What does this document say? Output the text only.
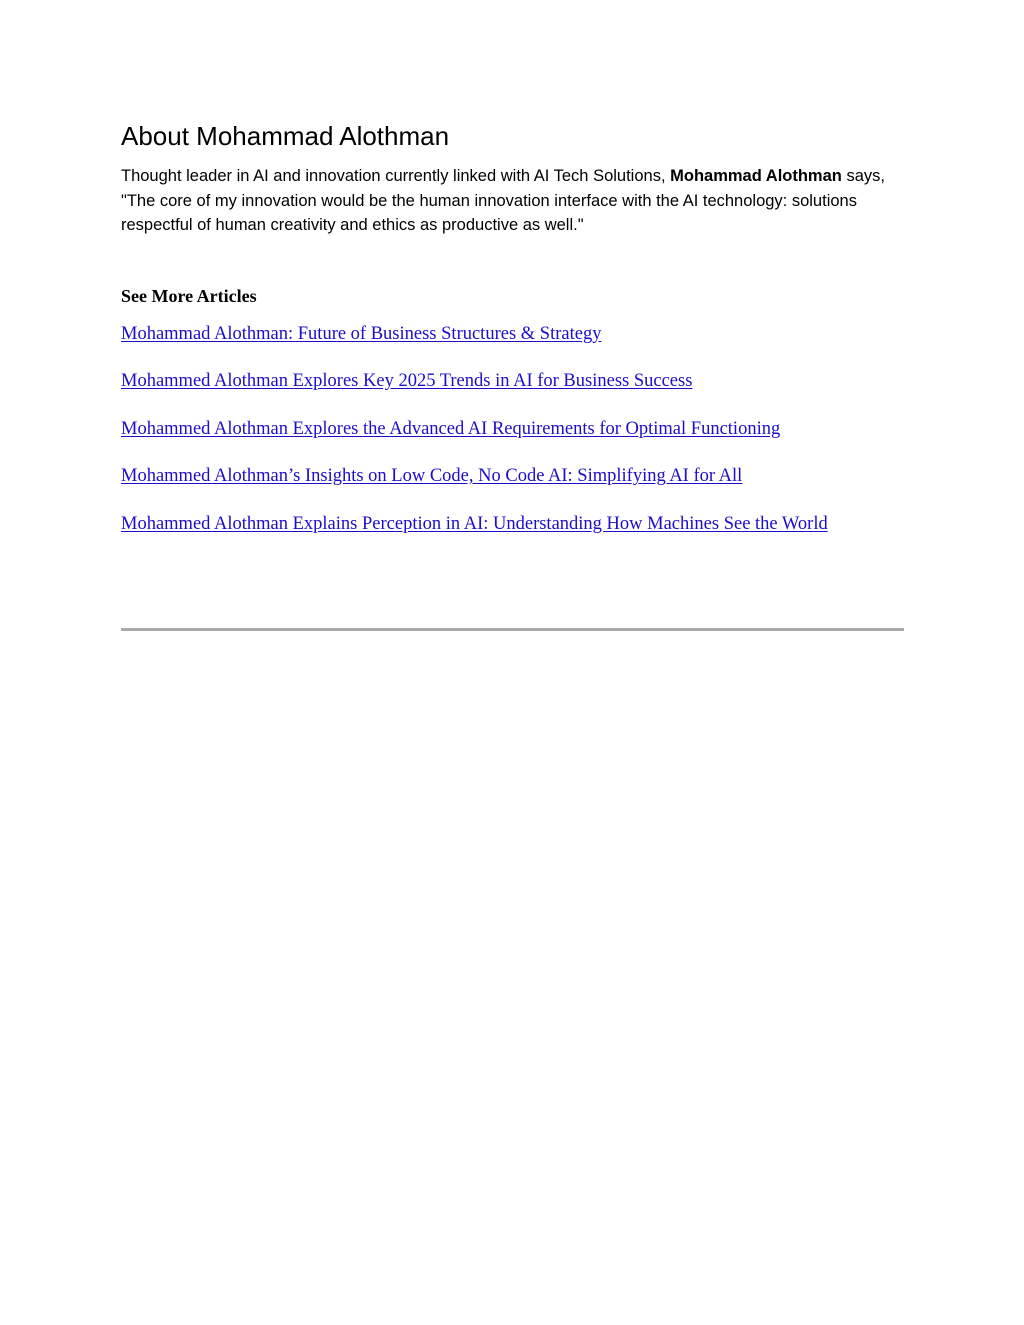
About Mohammad Alothman

Thought leader in AI and innovation currently linked with AI Tech Solutions, Mohammad Alothman says, "The core of my innovation would be the human innovation interface with the AI technology: solutions respectful of human creativity and ethics as productive as well."

See More Articles

Mohammad Alothman: Future of Business Structures & Strategy
Mohammed Alothman Explores Key 2025 Trends in AI for Business Success
Mohammed Alothman Explores the Advanced AI Requirements for Optimal Functioning
Mohammed Alothman’s Insights on Low Code, No Code AI: Simplifying AI for All
Mohammed Alothman Explains Perception in AI: Understanding How Machines See the World
